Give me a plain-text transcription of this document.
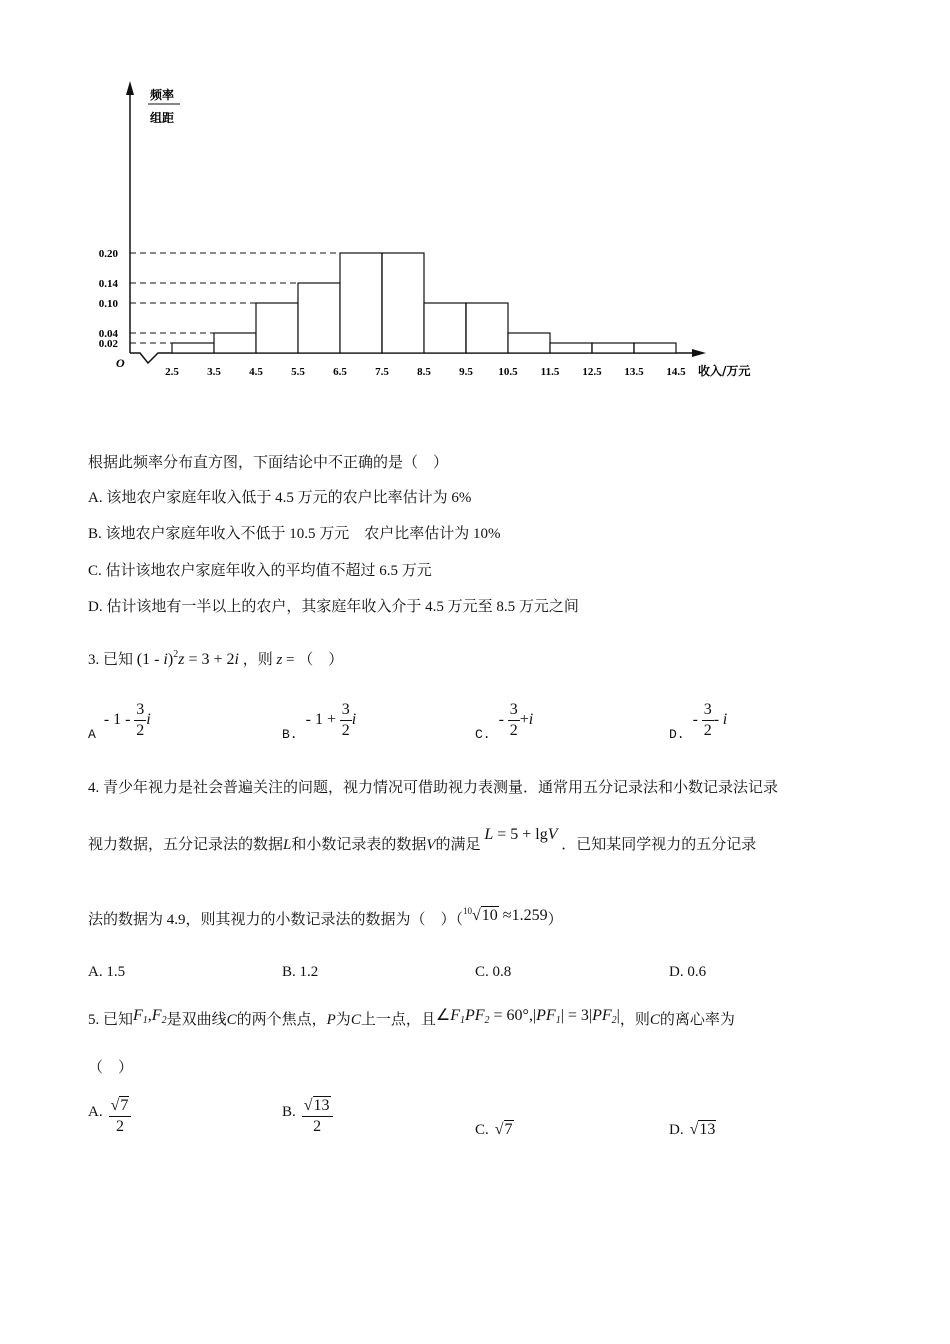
0.20
0.14
0.10
0.04
0.02
2.5	3.5	4.5	5.5	6.5	7.5	8.5	9.5 10.5 11.5 12.5 13.5 14.5
O
频率
组距
收入/万元
根据此频率分布直方图，下面结论中不正确的是（　）
A. 该地农户家庭年收入低于 4.5 万元的农户比率估计为 6%
B. 该地农户家庭年收入不低于 10.5 万元　农户比率估计为 10%
C. 估计该地农户家庭年收入的平均值不超过 6.5 万元
D. 估计该地有一半以上的农户，其家庭年收入介于 4.5 万元至 8.5 万元之间
3. 已知 (1 - i)$^2$z = 3 + 2i ，则 z = （　）
A- $1 - \frac{3}{2}$ i
B.- $1 + \frac{3}{2}$ i
$C.- \frac{3}{2} +i$
$D.- \frac{3}{2}$ - i
4. 青少年视力是社会普遍关注的问题，视力情况可借助视力表测量．通常用五分记录法和小数记录法记录
视力数据，五分记录法的数据L和小数记录表的数据V的满足 L = 5 + lgV ．已知某同学视力的五分记录
法的数据为 4.9，则其视力的小数记录法的数据为（　）（$^{10}$√10 ≈1.259）
A. 1.5	B. 1.2	C. 0.8	D. 0.6
5. 已知$F_1,F_2$是双曲线C的两个焦点，P为C上一点，且$\angle F_1PF_2 = 60^\circ,|PF_1| = 3|PF_2|$，则C的离心率为
（　）
A. $\frac{√7}{2}$	B. $\frac{√13}{2}$	C. √7	D. √13
